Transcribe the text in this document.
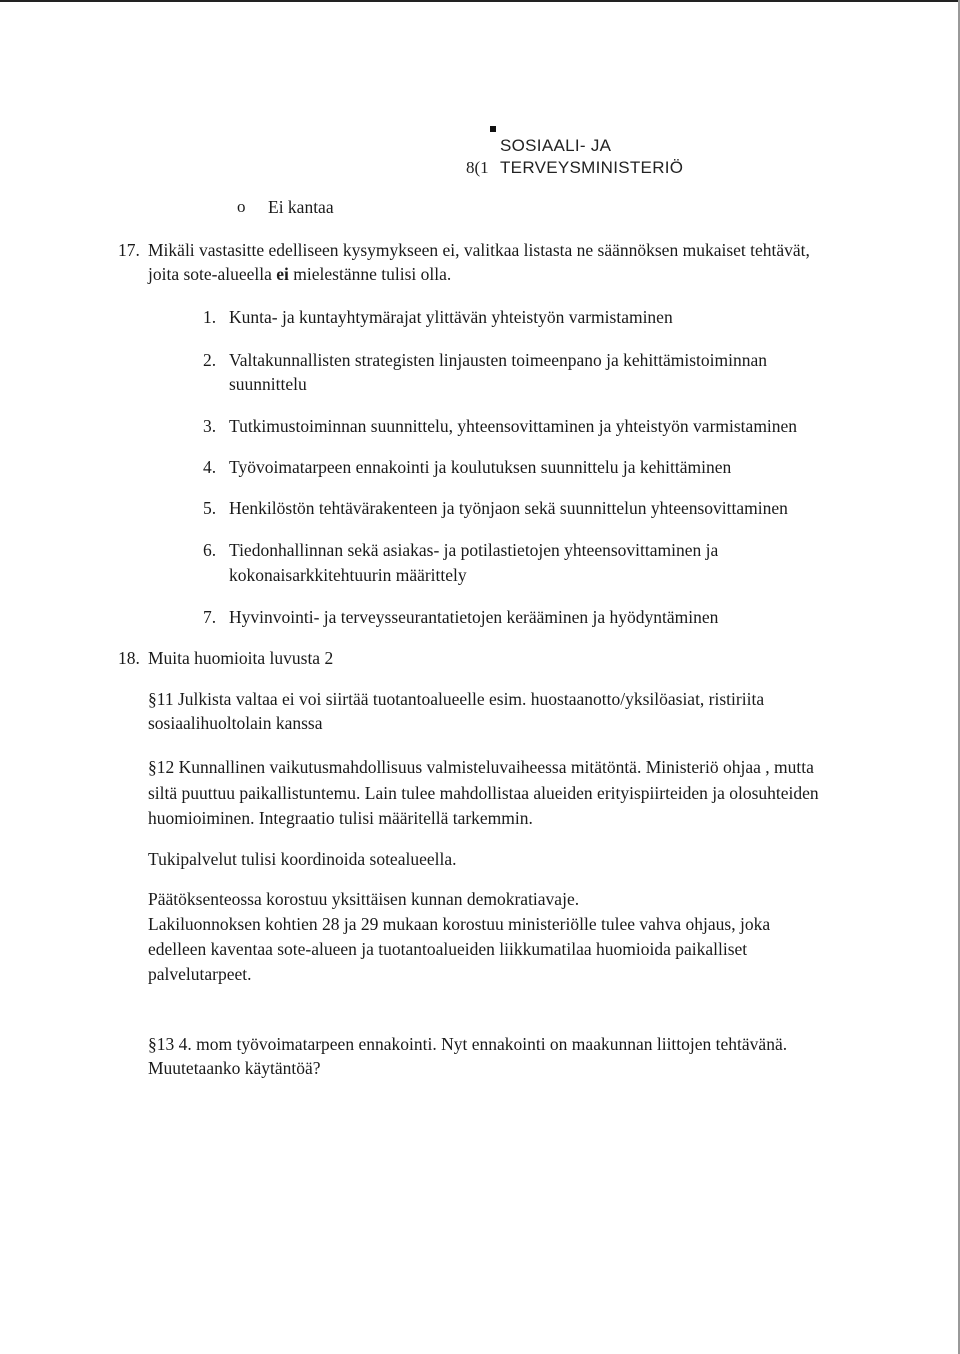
SOSIAALI- JA
8(1 TERVEYSMINISTERIÖ
o Ei kantaa
17. Mikäli vastasitte edelliseen kysymykseen ei, valitkaa listasta ne säännöksen mukaiset tehtävät,
joita sote-alueella ei mielestänne tulisi olla.
1. Kunta- ja kuntayhtymärajat ylittävän yhteistyön varmistaminen
2. Valtakunnallisten strategisten linjausten toimeenpano ja kehittämistoiminnan
suunnittelu
3. Tutkimustoiminnan suunnittelu, yhteensovittaminen ja yhteistyön varmistaminen
4. Työvoimatarpeen ennakointi ja koulutuksen suunnittelu ja kehittäminen
5. Henkilöstön tehtävärakenteen ja työnjaon sekä suunnittelun yhteensovittaminen
6. Tiedonhallinnan sekä asiakas- ja potilastietojen yhteensovittaminen ja
kokonaisarkkitehtuurin määrittely
7. Hyvinvointi- ja terveysseurantatietojen kerääminen ja hyödyntäminen
18. Muita huomioita luvusta 2
§11 Julkista valtaa ei voi siirtää tuotantoalueelle esim. huostaanotto/yksilöasiat, ristiriita
sosiaalihuoltolain kanssa
§12 Kunnallinen vaikutusmahdollisuus valmisteluvaiheessa mitätöntä. Ministeriö ohjaa , mutta
siltä puuttuu paikallistuntemu. Lain tulee mahdollistaa alueiden erityispiirteiden ja olosuhteiden
huomioiminen. Integraatio tulisi määritellä tarkemmin.
Tukipalvelut tulisi koordinoida sotealueella.
Päätöksenteossa korostuu yksittäisen kunnan demokratiavaje.
Lakiluonnoksen kohtien 28 ja 29 mukaan korostuu ministeriölle tulee vahva ohjaus, joka
edelleen kaventaa sote-alueen ja tuotantoalueiden liikkumatilaa huomioida paikalliset
palvelutarpeet.
§13 4. mom työvoimatarpeen ennakointi. Nyt ennakointi on maakunnan liittojen tehtävänä.
Muutetaanko käytäntöä?
